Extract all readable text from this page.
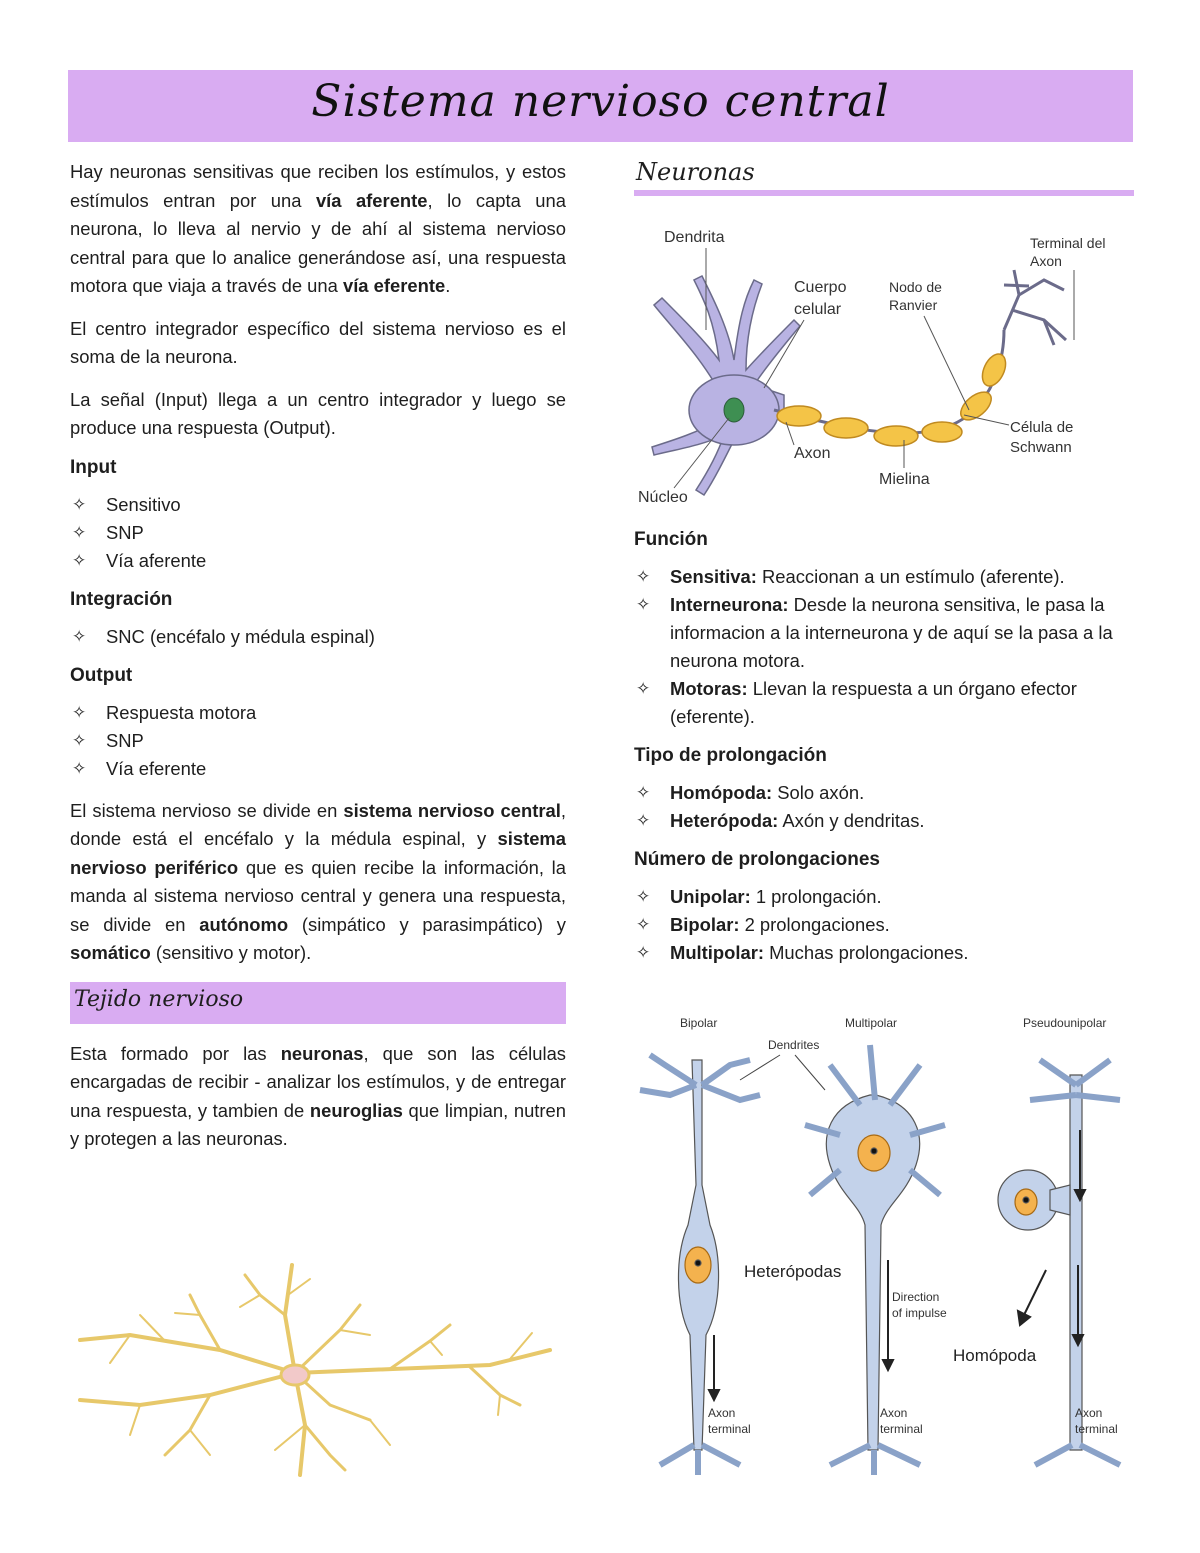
Sistema nervioso central

Hay neuronas sensitivas que reciben los estímulos, y estos estímulos entran por una vía aferente, lo capta una neurona, lo lleva al nervio y de ahí al sistema nervioso central para que lo analice generándose así, una respuesta motora que viaja a través de una vía eferente.

El centro integrador específico del sistema nervioso es el soma de la neurona.

La señal (Input) llega a un centro integrador y luego se produce una respuesta (Output).

Input
✧ Sensitivo
✧ SNP
✧ Vía aferente
Integración
✧ SNC (encéfalo y médula espinal)
Output
✧ Respuesta motora
✧ SNP
✧ Vía eferente

El sistema nervioso se divide en sistema nervioso central, donde está el encéfalo y la médula espinal, y sistema nervioso periférico que es quien recibe la información, la manda al sistema nervioso central y genera una respuesta, se divide en autónomo (simpático y parasimpático) y somático (sensitivo y motor).

Tejido nervioso

Esta formado por las neuronas, que son las células encargadas de recibir - analizar los estímulos, y de entregar una respuesta, y tambien de neuroglias que limpian, nutren y protegen a las neuronas.

Neuronas
Dendrita
Cuerpo
celular
Nodo de
Ranvier
Terminal del
Axon
Axon
Mielina
Célula de
Schwann
Núcleo
Función
✧ Sensitiva: Reaccionan a un estímulo (aferente).
✧ Interneurona: Desde la neurona sensitiva, le pasa la informacion a la interneurona y de aquí se la pasa a la neurona motora.
✧ Motoras: Llevan la respuesta a un órgano efector (eferente).
Tipo de prolongación
✧ Homópoda: Solo axón.
✧ Heterópoda: Axón y dendritas.
Número de prolongaciones
✧ Unipolar: 1 prolongación.
✧ Bipolar: 2 prolongaciones.
✧ Multipolar: Muchas prolongaciones.
Bipolar	Multipolar	Pseudounipolar
Dendrites
Direction
of impulse
Axon
terminal
Axon
terminal
Axon
terminal
Heterópodas
Homópoda
